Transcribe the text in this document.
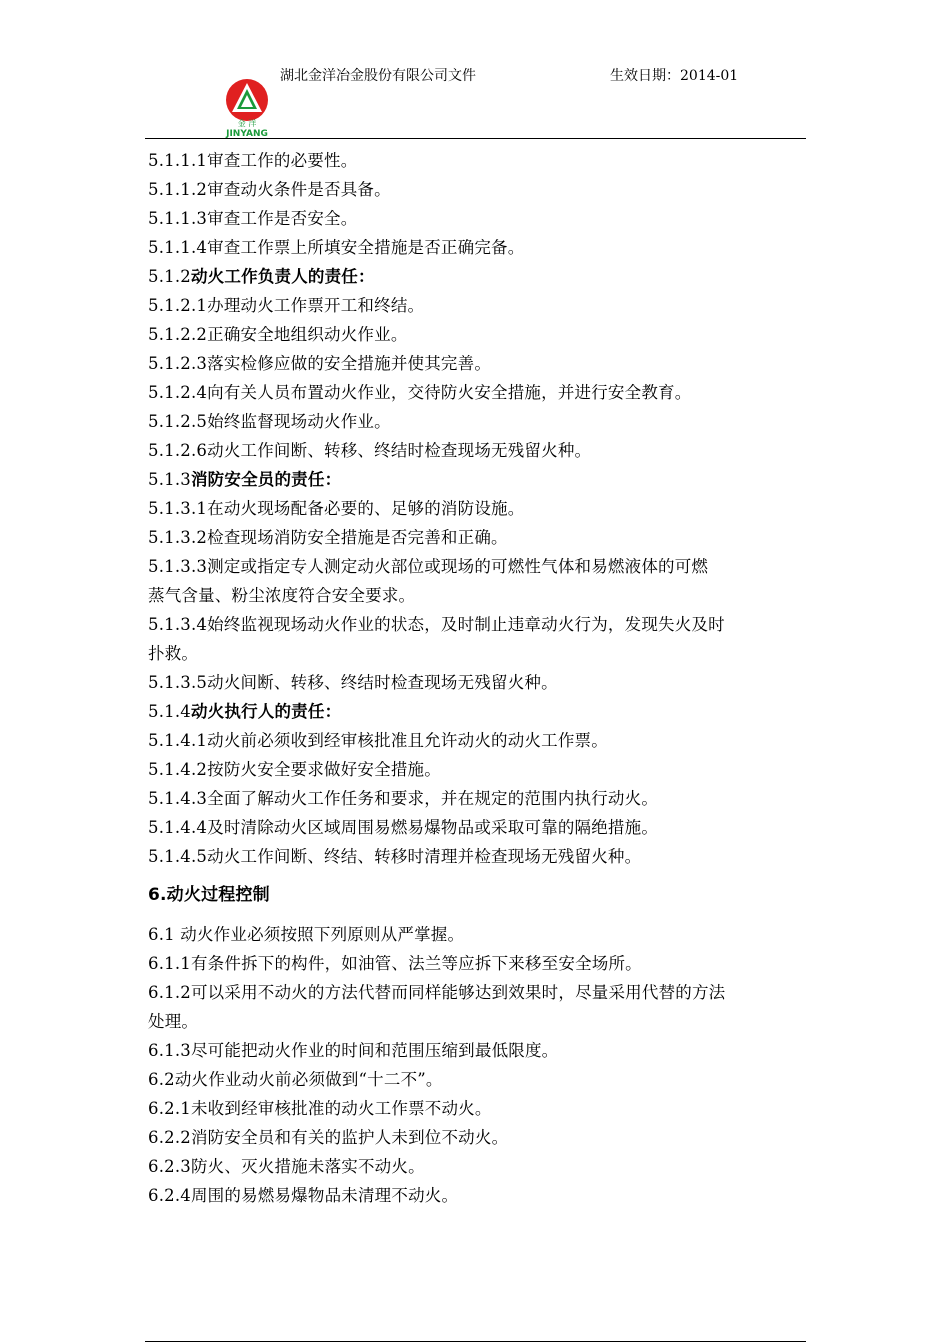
金 洋
JINYANG
湖北金洋冶金股份有限公司文件	生效日期：2014-01
5.1.1.1审查工作的必要性。
5.1.1.2审查动火条件是否具备。
5.1.1.3审查工作是否安全。
5.1.1.4审查工作票上所填安全措施是否正确完备。
5.1.2动火工作负责人的责任：
5.1.2.1办理动火工作票开工和终结。
5.1.2.2正确安全地组织动火作业。
5.1.2.3落实检修应做的安全措施并使其完善。
5.1.2.4向有关人员布置动火作业，交待防火安全措施，并进行安全教育。
5.1.2.5始终监督现场动火作业。
5.1.2.6动火工作间断、转移、终结时检查现场无残留火种。
5.1.3消防安全员的责任：
5.1.3.1在动火现场配备必要的、足够的消防设施。
5.1.3.2检查现场消防安全措施是否完善和正确。
5.1.3.3测定或指定专人测定动火部位或现场的可燃性气体和易燃液体的可燃
蒸气含量、粉尘浓度符合安全要求。
5.1.3.4始终监视现场动火作业的状态，及时制止违章动火行为，发现失火及时
扑救。
5.1.3.5动火间断、转移、终结时检查现场无残留火种。
5.1.4动火执行人的责任：
5.1.4.1动火前必须收到经审核批准且允许动火的动火工作票。
5.1.4.2按防火安全要求做好安全措施。
5.1.4.3全面了解动火工作任务和要求，并在规定的范围内执行动火。
5.1.4.4及时清除动火区域周围易燃易爆物品或采取可靠的隔绝措施。
5.1.4.5动火工作间断、终结、转移时清理并检查现场无残留火种。
6.动火过程控制
6.1 动火作业必须按照下列原则从严掌握。
6.1.1有条件拆下的构件，如油管、法兰等应拆下来移至安全场所。
6.1.2可以采用不动火的方法代替而同样能够达到效果时，尽量采用代替的方法
处理。
6.1.3尽可能把动火作业的时间和范围压缩到最低限度。
6.2动火作业动火前必须做到“十二不”。
6.2.1未收到经审核批准的动火工作票不动火。
6.2.2消防安全员和有关的监护人未到位不动火。
6.2.3防火、灭火措施未落实不动火。
6.2.4周围的易燃易爆物品未清理不动火。
